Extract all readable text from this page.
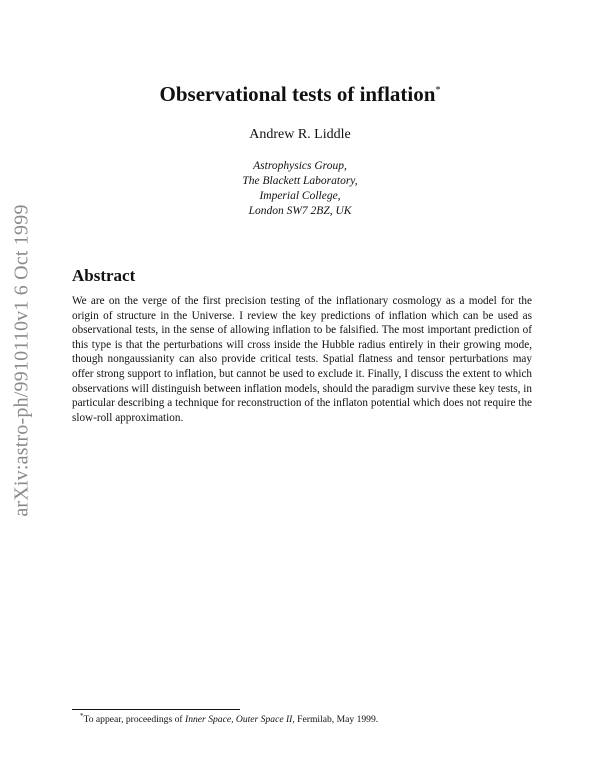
arXiv:astro-ph/9910110v1 6 Oct 1999
Observational tests of inflation*
Andrew R. Liddle
Astrophysics Group,
The Blackett Laboratory,
Imperial College,
London SW7 2BZ, UK
Abstract
We are on the verge of the first precision testing of the inflationary cosmology as a model for the origin of structure in the Universe. I review the key predictions of inflation which can be used as observational tests, in the sense of allowing inflation to be falsified. The most important prediction of this type is that the perturbations will cross inside the Hubble radius entirely in their growing mode, though nongaussianity can also provide critical tests. Spatial flatness and tensor perturbations may offer strong support to inflation, but cannot be used to exclude it. Finally, I discuss the extent to which observations will distinguish between inflation models, should the paradigm survive these key tests, in particular describing a technique for reconstruction of the inflaton potential which does not require the slow-roll approximation.
*To appear, proceedings of Inner Space, Outer Space II, Fermilab, May 1999.
